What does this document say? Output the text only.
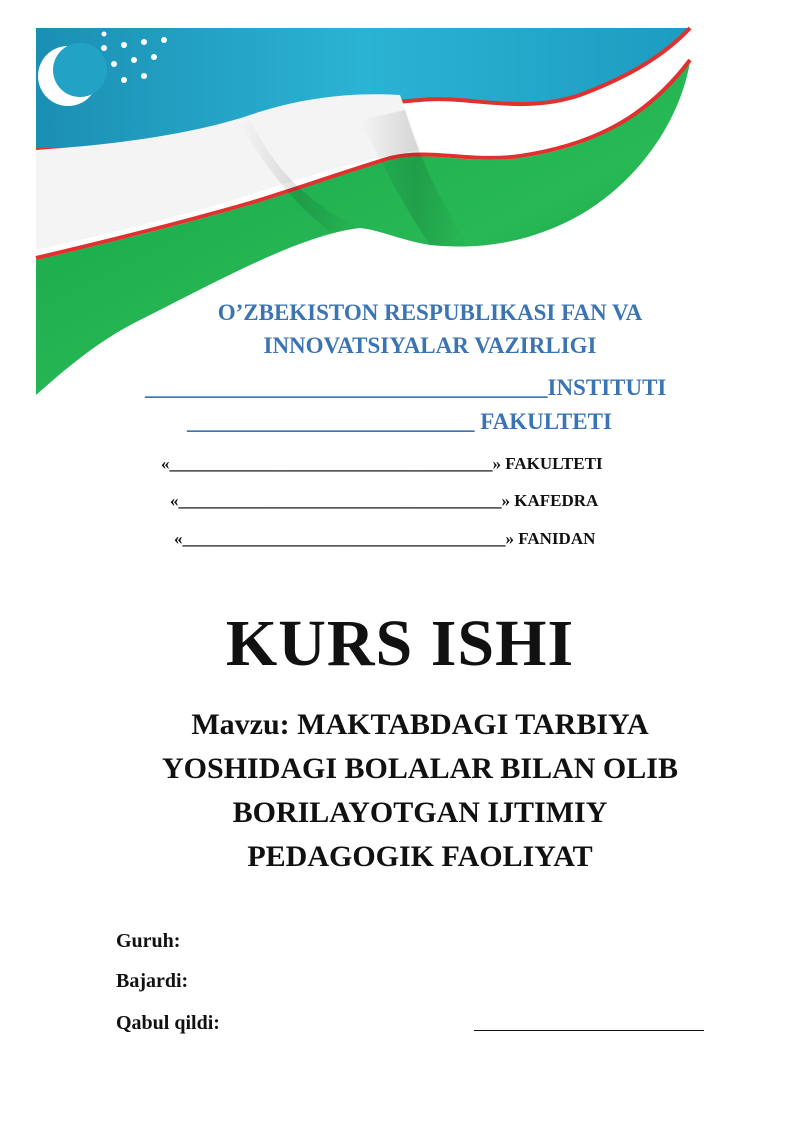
O’ZBEKISTON RESPUBLIKASI FAN VA
INNOVATSIYALAR VAZIRLIGI
___________________________________INSTITUTI
_________________________ FAKULTETI
«______________________________________» FAKULTETI
«______________________________________» KAFEDRA
«______________________________________» FANIDAN
KURS ISHI
Mavzu: MAKTABDAGI TARBIYA
YOSHIDAGI BOLALAR BILAN OLIB
BORILAYOTGAN IJTIMIY
PEDAGOGIK FAOLIYAT
Guruh:
Bajardi:
Qabul qildi:
